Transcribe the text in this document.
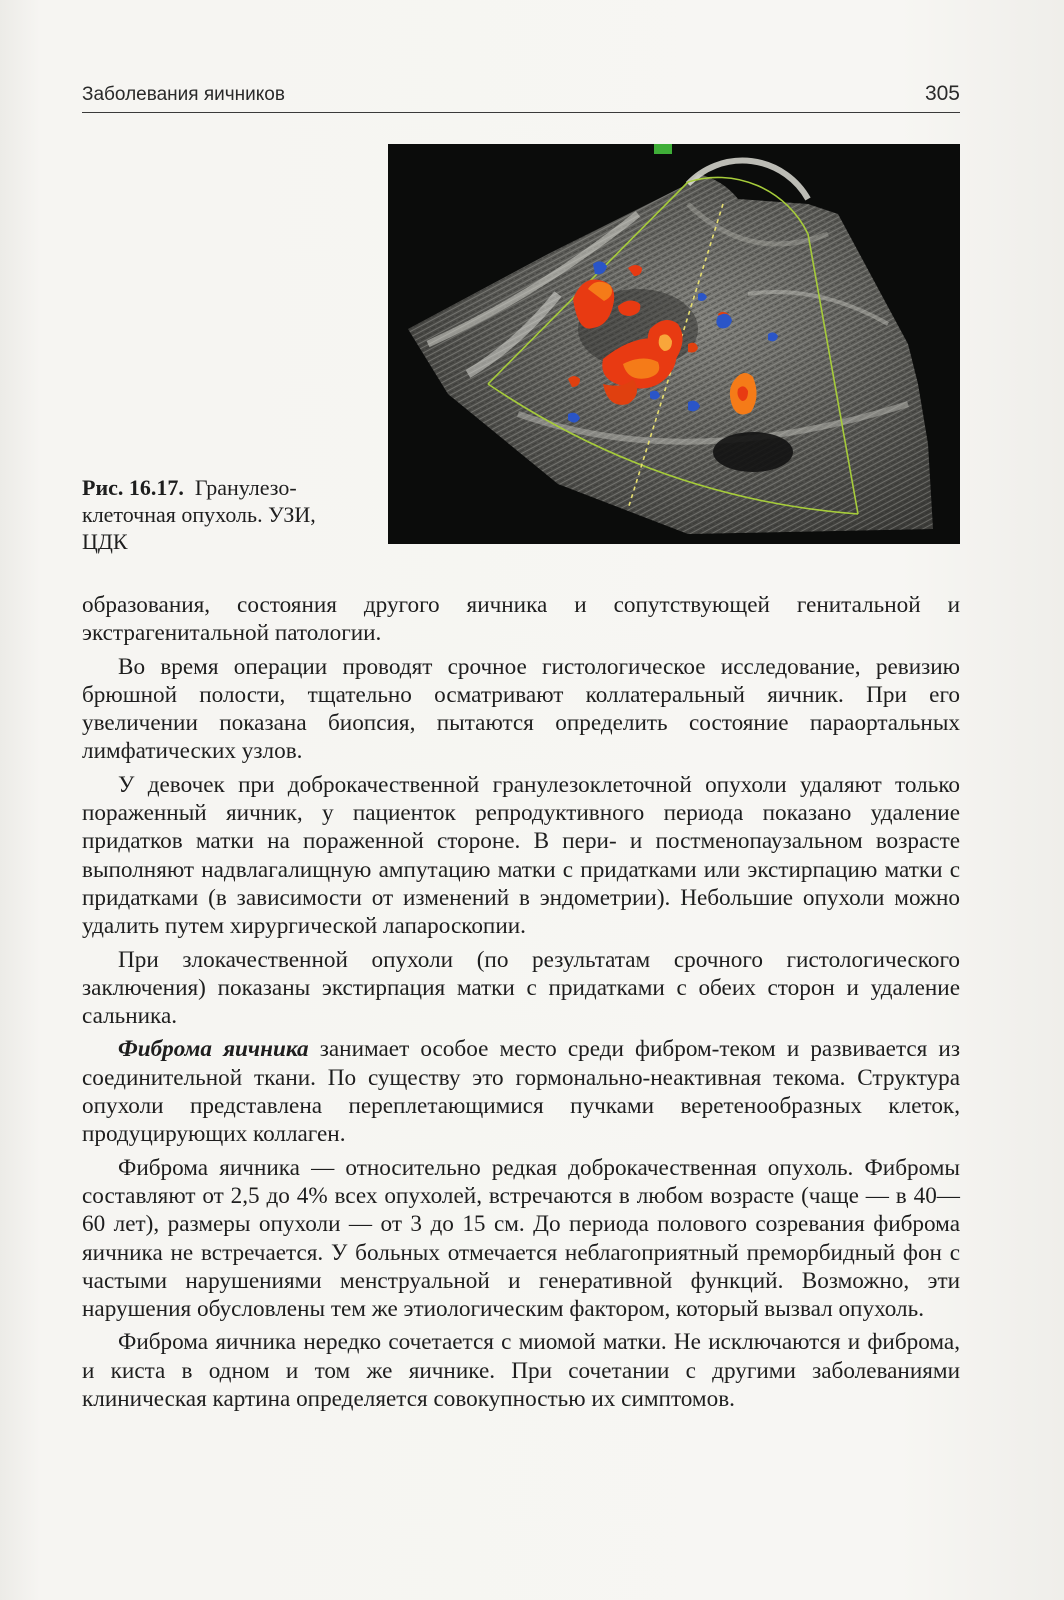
Заболевания яичников	305
Рис. 16.17. Гранулезо-
клеточная опухоль. УЗИ,
ЦДК

образования, состояния другого яичника и сопутствующей генитальной и экстрагенитальной патологии.

Во время операции проводят срочное гистологическое исследование, ревизию брюшной полости, тщательно осматривают коллатеральный яичник. При его увеличении показана биопсия, пытаются определить состояние параортальных лимфатических узлов.

У девочек при доброкачественной гранулезоклеточной опухоли удаляют только пораженный яичник, у пациенток репродуктивного периода показано удаление придатков матки на пораженной стороне. В пери- и постменопаузальном возрасте выполняют надвлагалищную ампутацию матки с придатками или экстирпацию матки с придатками (в зависимости от изменений в эндометрии). Небольшие опухоли можно удалить путем хирургической лапароскопии.

При злокачественной опухоли (по результатам срочного гистологического заключения) показаны экстирпация матки с придатками с обеих сторон и удаление сальника.

Фиброма яичника занимает особое место среди фибром-теком и развивается из соединительной ткани. По существу это гормонально-неактивная текома. Структура опухоли представлена переплетающимися пучками веретенообразных клеток, продуцирующих коллаген.

Фиброма яичника — относительно редкая доброкачественная опухоль. Фибромы составляют от 2,5 до 4% всех опухолей, встречаются в любом возрасте (чаще — в 40—60 лет), размеры опухоли — от 3 до 15 см. До периода полового созревания фиброма яичника не встречается. У больных отмечается неблагоприятный преморбидный фон с частыми нарушениями менструальной и генеративной функций. Возможно, эти нарушения обусловлены тем же этиологическим фактором, который вызвал опухоль.

Фиброма яичника нередко сочетается с миомой матки. Не исключаются и фиброма, и киста в одном и том же яичнике. При сочетании с другими заболеваниями клиническая картина определяется совокупностью их симптомов.
